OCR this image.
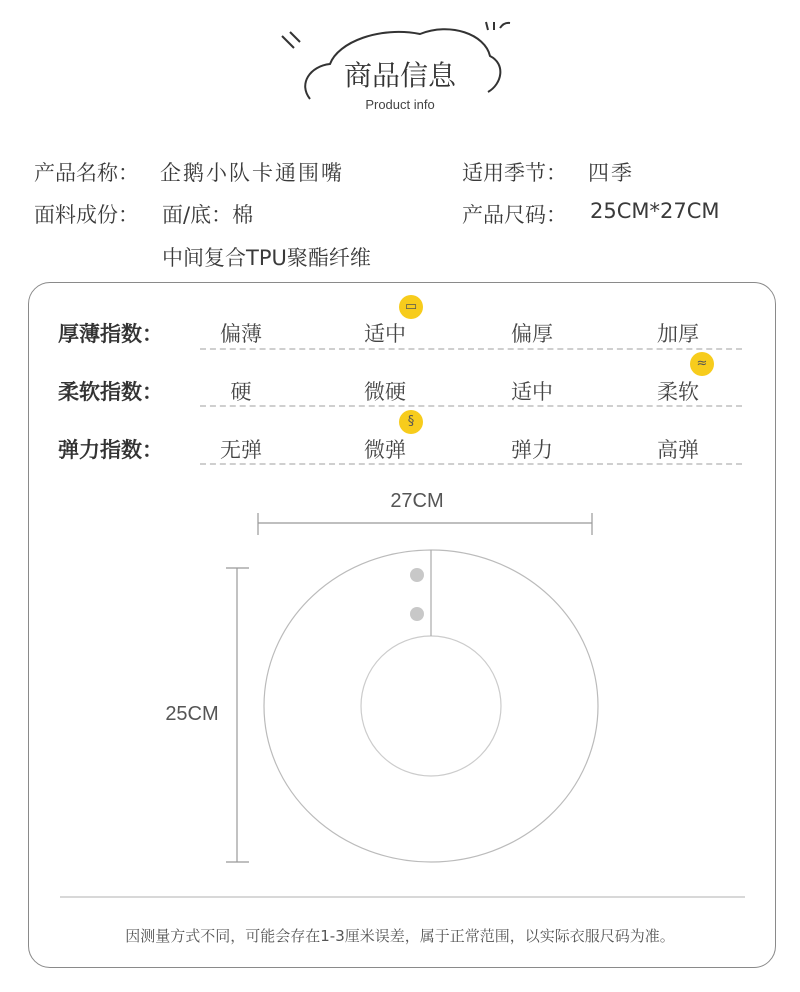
商品信息
Product info
产品名称： 企鹅小队卡通围嘴	适用季节： 四季
面料成份： 面/底：棉	产品尺码： 25CM*27CM
中间复合TPU聚酯纤维
厚薄指数：	偏薄	适中	偏厚	加厚
▭
柔软指数：	硬	微硬	适中	柔软
≈
弹力指数：	无弹	微弹	弹力	高弹
§
27CM
25CM
因测量方式不同，可能会存在1-3厘米误差，属于正常范围，以实际衣服尺码为准。
